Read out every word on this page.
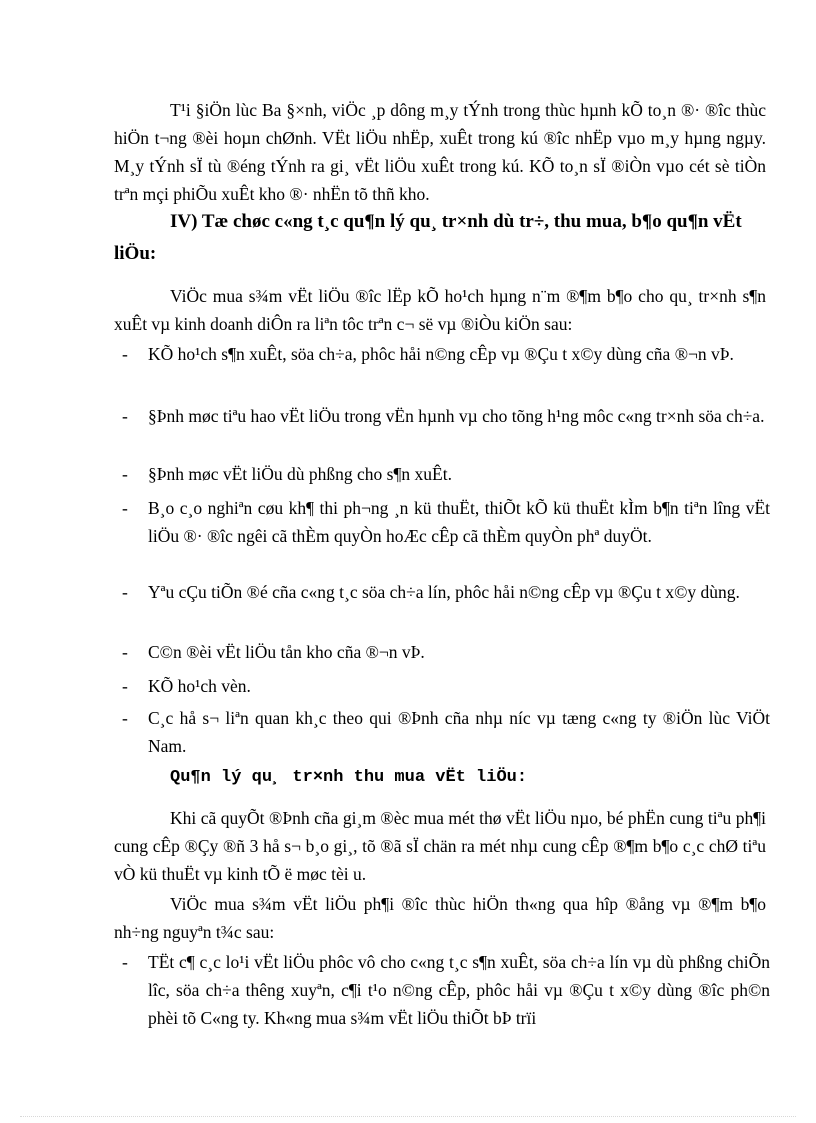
T¹i §iÖn lùc Ba §×nh, viÖc ¸p dông m¸y tÝnh trong thùc hµnh kÕ to¸n ®· ®îc thùc hiÖn t¬ng ®èi hoµn chØnh. VËt liÖu nhËp, xuÊt trong kú ®îc nhËp vµo m¸y hµng ngµy. M¸y tÝnh sÏ tù ®éng tÝnh ra gi¸ vËt liÖu xuÊt trong kú. KÕ to¸n sÏ ®iÒn vµo cét sè tiÒn trªn mçi phiÕu xuÊt kho ®· nhËn tõ thñ kho.

IV) Tæ chøc c«ng t¸c qu¶n lý qu¸ tr×nh dù tr÷, thu mua, b¶o qu¶n vËt liÖu:

ViÖc mua s¾m vËt liÖu ®îc lËp kÕ ho¹ch hµng n¨m ®¶m b¶o cho qu¸ tr×nh s¶n xuÊt vµ kinh doanh diÔn ra liªn tôc trªn c¬ së vµ ®iÒu kiÖn sau:

-	KÕ ho¹ch s¶n xuÊt, söa ch÷a, phôc håi n©ng cÊp vµ ®Çu t x©y dùng cña ®¬n vÞ.
-	§Þnh møc tiªu hao vËt liÖu trong vËn hµnh vµ cho tõng h¹ng môc c«ng tr×nh söa ch÷a.
-	§Þnh møc vËt liÖu dù phßng cho s¶n xuÊt.
-	B¸o c¸o nghiªn cøu kh¶ thi ph¬ng ¸n kü thuËt, thiÕt kÕ kü thuËt kÌm b¶n tiªn lîng vËt liÖu ®· ®îc ngêi cã thÈm quyÒn hoÆc cÊp cã thÈm quyÒn phª duyÖt.
-	Yªu cÇu tiÕn ®é cña c«ng t¸c söa ch÷a lín, phôc håi n©ng cÊp vµ ®Çu t x©y dùng.
-	C©n ®èi vËt liÖu tån kho cña ®¬n vÞ.
-	KÕ ho¹ch vèn.
-	C¸c hå s¬ liªn quan kh¸c theo qui ®Þnh cña nhµ níc vµ tæng c«ng ty ®iÖn lùc ViÖt Nam.

Qu¶n lý qu¸ tr×nh thu mua vËt liÖu:

Khi cã quyÕt ®Þnh cña gi¸m ®èc mua mét thø vËt liÖu nµo, bé phËn cung tiªu ph¶i cung cÊp ®Çy ®ñ 3 hå s¬ b¸o gi¸, tõ ®ã sÏ chän ra mét nhµ cung cÊp ®¶m b¶o c¸c chØ tiªu vÒ kü thuËt vµ kinh tÕ ë møc tèi u.

ViÖc mua s¾m vËt liÖu ph¶i ®îc thùc hiÖn th«ng qua hîp ®ång vµ ®¶m b¶o nh÷ng nguyªn t¾c sau:

-	TËt c¶ c¸c lo¹i vËt liÖu phôc vô cho c«ng t¸c s¶n xuÊt, söa ch÷a lín vµ dù phßng chiÕn lîc, söa ch÷a thêng xuyªn, c¶i t¹o n©ng cÊp, phôc håi vµ ®Çu t x©y dùng ®îc ph©n phèi tõ C«ng ty. Kh«ng mua s¾m vËt liÖu thiÕt bÞ trïi
